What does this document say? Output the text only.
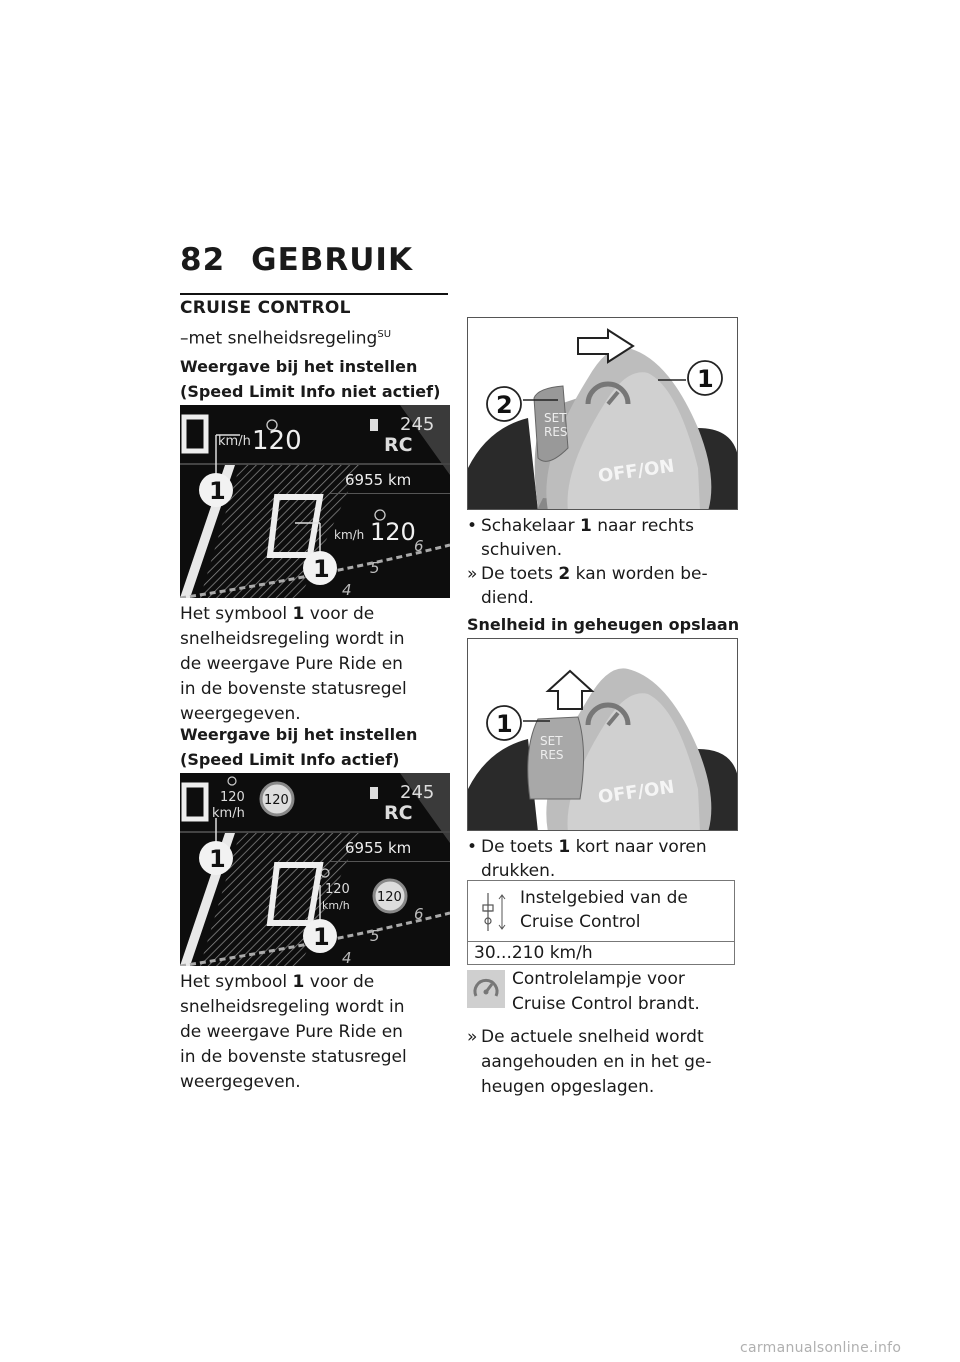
82 GEBRUIK
CRUISE CONTROL
–met snelheidsregeling$^{SU}$
Weergave bij het instellen
(Speed Limit Info niet actief)
km/h 120
245
RC
6955 km
km/h 120
4
5
6
1
1
Het symbool 1 voor de
snelheidsregeling wordt in
de weergave Pure Ride en
in de bovenste statusregel
weergegeven.
Weergave bij het instellen
(Speed Limit Info actief)
120
km/h
120	245
RC
6955 km
120
km/h
120
4
5
6
1
1
Het symbool 1 voor de
snelheidsregeling wordt in
de weergave Pure Ride en
in de bovenste statusregel
weergegeven.
2
1
SET
RES
OFF/ON
• Schakelaar 1 naar rechts
schuiven.
» De toets 2 kan worden be-
diend.
Snelheid in geheugen opslaan
1
SET
RES
OFF/ON
• De toets 1 kort naar voren
drukken.
Instelgebied van de
Cruise Control
30...210 km/h
Controlelampje voor
Cruise Control brandt.
» De actuele snelheid wordt
aangehouden en in het ge-
heugen opgeslagen.
carmanualsonline.info
